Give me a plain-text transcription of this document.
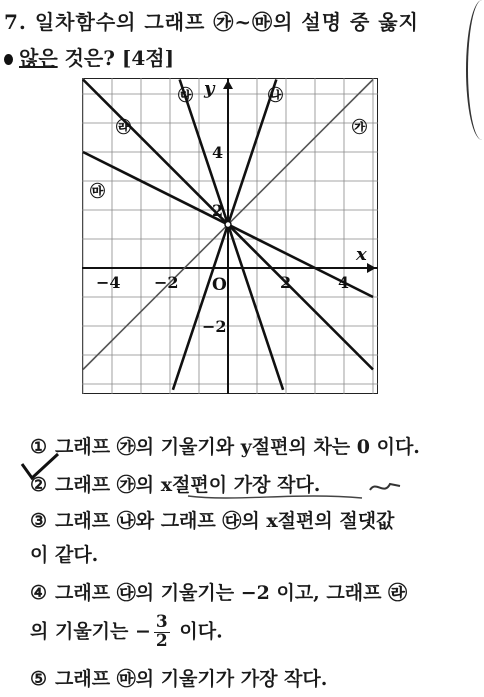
7. 일차함수의 그래프 ㉮~㉲의 설명 중 옳지
않은 것은? [4점]
−4 −2	2	4
4
2
−2
O
x
y
㉮
㉯
㉰
㉱
㉲
① 그래프 ㉮의 기울기와 y절편의 차는 0 이다.
② 그래프 ㉮의 x절편이 가장 작다.
③ 그래프 ㉯와 그래프 ㉰의 x절편의 절댓값
이 같다.
④ 그래프 ㉰의 기울기는 −2 이고, 그래프 ㉱
의 기울기는 − $\frac{3}{2}$ 이다.
⑤ 그래프 ㉲의 기울기가 가장 작다.
